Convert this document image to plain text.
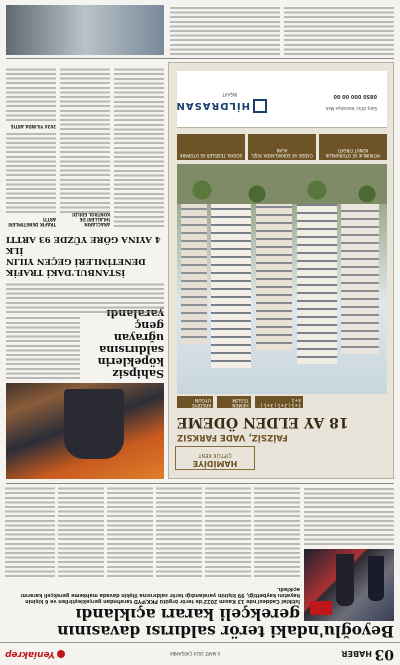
03
HABER
6 MART 2024 ÇARŞAMBA
Yeniakrep
Beyoğlu'ndaki terör saldırısı davasının
gerekçeli kararı açıklandı
İstiklal Caddesi'nde 13 Kasım 2022'de terör örgütü PKK/PYD tarafından gerçekleştirilen ve 6 kişinin hayatını kaybettiği, 99 kişinin yaralandığı terör saldırısına ilişkin davada mahkeme gerekçeli kararını açıkladı.
HAMİDİYE
ÇİFTLİK KENT
FAİZSİZ, VADE FARKSIZ
18 AY ELDEN ÖDEME
1+1 | 2+1 | 3+1 | 4+1
HEMEN TESLİM
KREDİYE UYGUN
YATIRIMLIK VE OTURUMLUK KONUT FIRSATI
CADDE VE SOKAKLARDA YEŞİL ALAN
SOSYAL TESİSLER VE OTOPARK
HİLDRASAN
İNŞAAT
Satış Ofisi: Hamidiye Mah.
0850 000 00 00
Sahipsiz
köpeklerin
saldırısına
uğrayan genç
yaralandı
İSTANBUL'DAKİ TRAFİK
DENETİMLERİ GEÇEN YILIN İLK
4 AYINA GÖRE YÜZDE 93 ARTTI
ARAÇLARIN İHLALLERİ DE KONTROL EDİLDİ
TRAFİK DENETİMLERİ ARTTI
2024 YILINDA ARTIŞ
